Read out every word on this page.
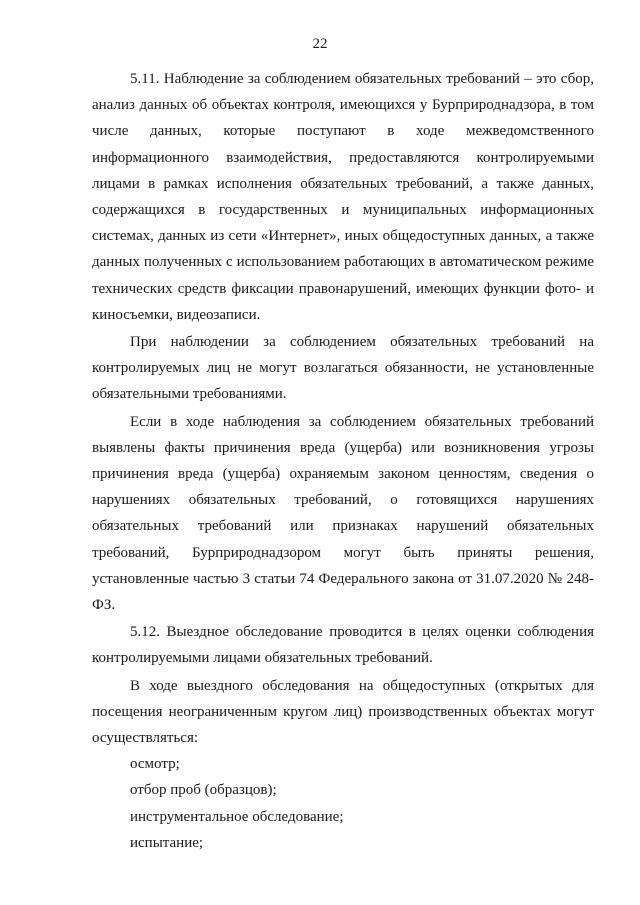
22

5.11. Наблюдение за соблюдением обязательных требований – это сбор, анализ данных об объектах контроля, имеющихся у Бурприроднадзора, в том числе данных, которые поступают в ходе межведомственного информационного взаимодействия, предоставляются контролируемыми лицами в рамках исполнения обязательных требований, а также данных, содержащихся в государственных и муниципальных информационных системах, данных из сети «Интернет», иных общедоступных данных, а также данных полученных с использованием работающих в автоматическом режиме технических средств фиксации правонарушений, имеющих функции фото- и киносъемки, видеозаписи.

При наблюдении за соблюдением обязательных требований на контролируемых лиц не могут возлагаться обязанности, не установленные обязательными требованиями.

Если в ходе наблюдения за соблюдением обязательных требований выявлены факты причинения вреда (ущерба) или возникновения угрозы причинения вреда (ущерба) охраняемым законом ценностям, сведения о нарушениях обязательных требований, о готовящихся нарушениях обязательных требований или признаках нарушений обязательных требований, Бурприроднадзором могут быть приняты решения, установленные частью 3 статьи 74 Федерального закона от 31.07.2020 № 248-ФЗ.

5.12. Выездное обследование проводится в целях оценки соблюдения контролируемыми лицами обязательных требований.

В ходе выездного обследования на общедоступных (открытых для посещения неограниченным кругом лиц) производственных объектах могут осуществляться:

осмотр;
отбор проб (образцов);
инструментальное обследование;
испытание;
